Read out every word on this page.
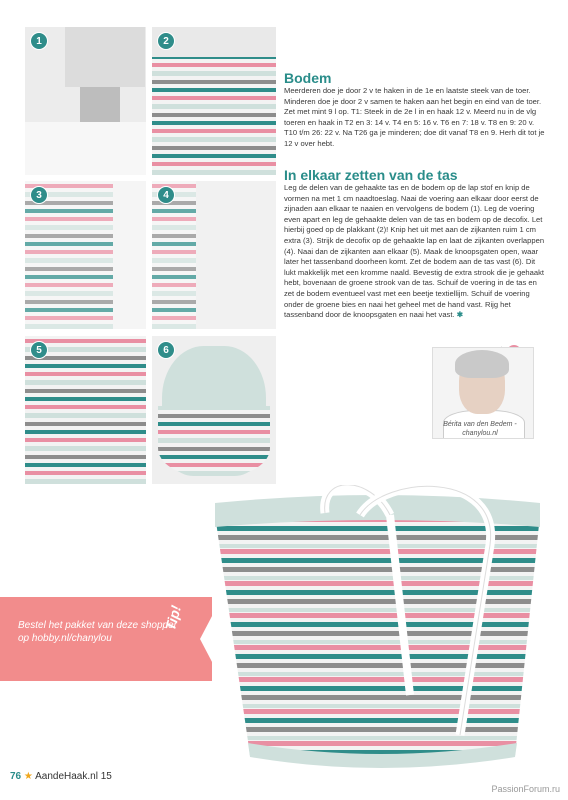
1	2
3	4
5	6
Bodem
Meerderen doe je door 2 v te haken in de 1e en laatste steek van de toer. Minderen doe je door 2 v samen te haken aan het begin en eind van de toer. Zet met mint 9 l op. T1: Steek in de 2e l in en haak 12 v. Meerd nu in de vlg toeren en haak in T2 en 3: 14 v. T4 en 5: 16 v. T6 en 7: 18 v. T8 en 9: 20 v. T10 t/m 26: 22 v. Na T26 ga je minderen; doe dit vanaf T8 en 9. Herh dit tot je 12 v over hebt.
In elkaar zetten van de tas
Leg de delen van de gehaakte tas en de bodem op de lap stof en knip de vormen na met 1 cm naadtoeslag. Naai de voering aan elkaar door eerst de zijnaden aan elkaar te naaien en vervolgens de bodem (1). Leg de voering even apart en leg de gehaakte delen van de tas en bodem op de decofix. Let hierbij goed op de plakkant (2)! Knip het uit met aan de zijkanten ruim 1 cm extra (3). Strijk de decofix op de gehaakte lap en laat de zijkanten overlappen (4). Naai dan de zijkanten aan elkaar (5). Maak de knoopsgaten open, waar later het tassenband doorheen komt. Zet de bodem aan de tas vast (6). Dit lukt makkelijk met een kromme naald. Bevestig de extra strook die je gehaakt hebt, bovenaan de groene strook van de tas. Schuif de voering in de tas en zet de bodem eventueel vast met een beetje textiellijm. Schuif de voering onder de groene bies en naai het geheel met de hand vast. Rijg het tassenband door de knoopsgaten en naai het vast. ✱
Bérita van den Bedem -
chanylou.nl
Bestel het pakket van deze shopper op hobby.nl/chanylou
Tip!
76 ★ AandeHaak.nl 15
PassionForum.ru
